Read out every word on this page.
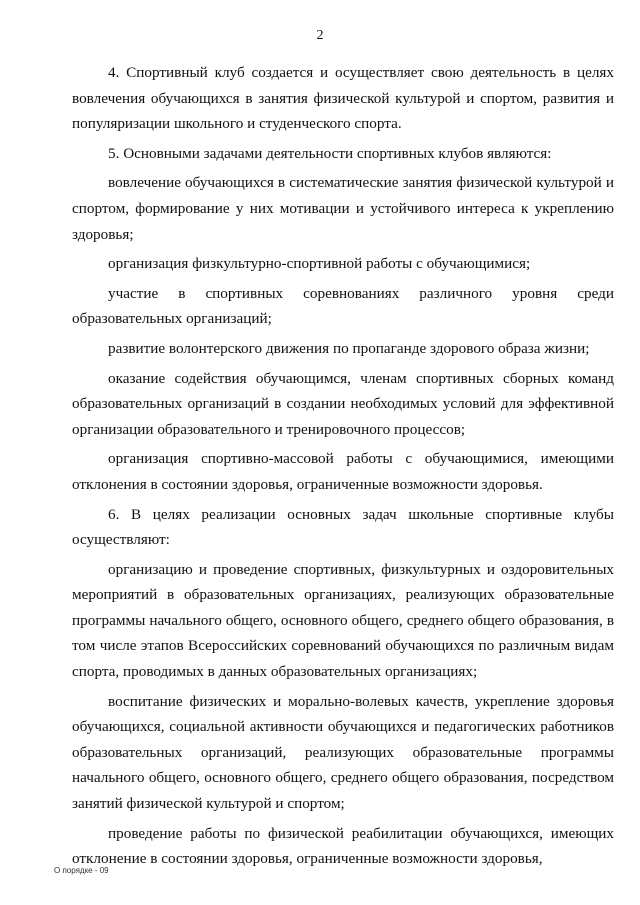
2

4. Спортивный клуб создается и осуществляет свою деятельность в целях вовлечения обучающихся в занятия физической культурой и спортом, развития и популяризации школьного и студенческого спорта.

5. Основными задачами деятельности спортивных клубов являются:

вовлечение обучающихся в систематические занятия физической культурой и спортом, формирование у них мотивации и устойчивого интереса к укреплению здоровья;

организация физкультурно-спортивной работы с обучающимися;

участие в спортивных соревнованиях различного уровня среди образовательных организаций;

развитие волонтерского движения по пропаганде здорового образа жизни;

оказание содействия обучающимся, членам спортивных сборных команд образовательных организаций в создании необходимых условий для эффективной организации образовательного и тренировочного процессов;

организация спортивно-массовой работы с обучающимися, имеющими отклонения в состоянии здоровья, ограниченные возможности здоровья.

6. В целях реализации основных задач школьные спортивные клубы осуществляют:

организацию и проведение спортивных, физкультурных и оздоровительных мероприятий в образовательных организациях, реализующих образовательные программы начального общего, основного общего, среднего общего образования, в том числе этапов Всероссийских соревнований обучающихся по различным видам спорта, проводимых в данных образовательных организациях;

воспитание физических и морально-волевых качеств, укрепление здоровья обучающихся, социальной активности обучающихся и педагогических работников образовательных организаций, реализующих образовательные программы начального общего, основного общего, среднего общего образования, посредством занятий физической культурой и спортом;

проведение работы по физической реабилитации обучающихся, имеющих отклонение в состоянии здоровья, ограниченные возможности здоровья,

О порядке - 09
